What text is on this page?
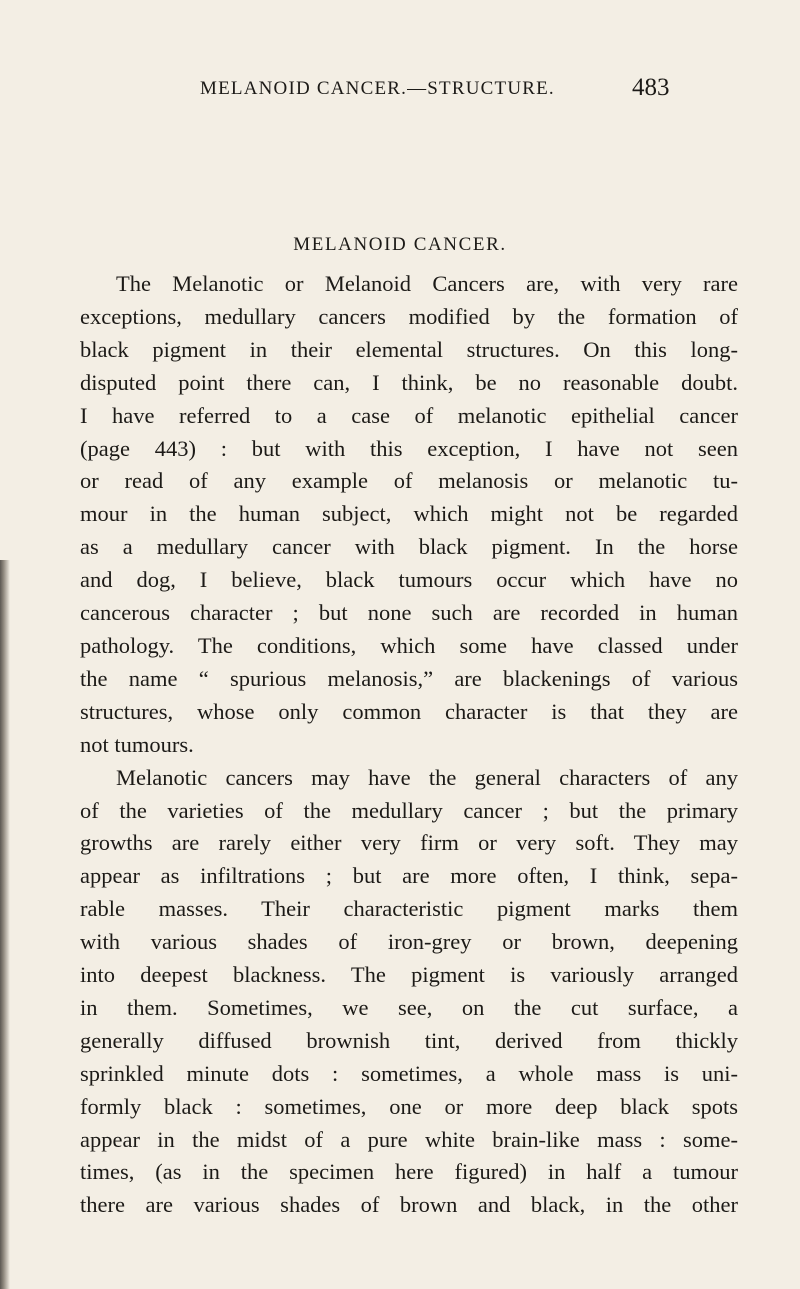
MELANOID CANCER.—STRUCTURE.	483
MELANOID CANCER.

The Melanotic or Melanoid Cancers are, with very rare
exceptions, medullary cancers modified by the formation of
black pigment in their elemental structures. On this long-
disputed point there can, I think, be no reasonable doubt.
I have referred to a case of melanotic epithelial cancer
(page 443) : but with this exception, I have not seen
or read of any example of melanosis or melanotic tu-
mour in the human subject, which might not be regarded
as a medullary cancer with black pigment. In the horse
and dog, I believe, black tumours occur which have no
cancerous character ; but none such are recorded in human
pathology. The conditions, which some have classed under
the name “ spurious melanosis,” are blackenings of various
structures, whose only common character is that they are
not tumours.

Melanotic cancers may have the general characters of any
of the varieties of the medullary cancer ; but the primary
growths are rarely either very firm or very soft. They may
appear as infiltrations ; but are more often, I think, sepa-
rable masses. Their characteristic pigment marks them
with various shades of iron-grey or brown, deepening
into deepest blackness. The pigment is variously arranged
in them. Sometimes, we see, on the cut surface, a
generally diffused brownish tint, derived from thickly
sprinkled minute dots : sometimes, a whole mass is uni-
formly black : sometimes, one or more deep black spots
appear in the midst of a pure white brain-like mass : some-
times, (as in the specimen here figured) in half a tumour
there are various shades of brown and black, in the other
